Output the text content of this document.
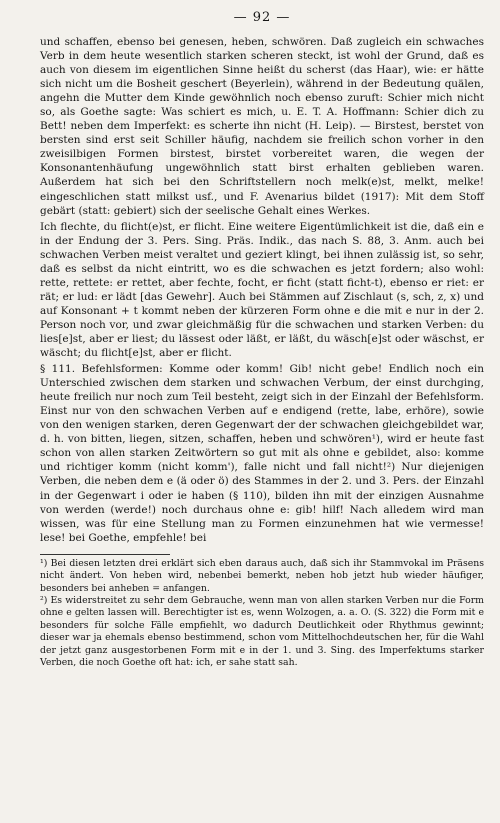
— 92 —

und schaffen, ebenso bei genesen, heben, schwören. Daß zugleich ein schwaches Verb in dem heute wesentlich starken scheren steckt, ist wohl der Grund, daß es auch von diesem im eigentlichen Sinne heißt du scherst (das Haar), wie: er hätte sich nicht um die Bosheit geschert (Beyerlein), während in der Bedeutung quälen, angehn die Mutter dem Kinde gewöhnlich noch ebenso zuruft: Schier mich nicht so, als Goethe sagte: Was schiert es mich, u. E. T. A. Hoffmann: Schier dich zu Bett! neben dem Imperfekt: es scherte ihn nicht (H. Leip). — Birstest, berstet von bersten sind erst seit Schiller häufig, nachdem sie freilich schon vorher in den zweisilbigen Formen birstest, birstet vorbereitet waren, die wegen der Konsonantenhäufung ungewöhnlich statt birst erhalten geblieben waren. Außerdem hat sich bei den Schriftstellern noch melk(e)st, melkt, melke! eingeschlichen statt milkst usf., und F. Avenarius bildet (1917): Mit dem Stoff gebärt (statt: gebiert) sich der seelische Gehalt eines Werkes.

Ich flechte, du flicht(e)st, er flicht. Eine weitere Eigentümlichkeit ist die, daß ein e in der Endung der 3. Pers. Sing. Präs. Indik., das nach S. 88, 3. Anm. auch bei schwachen Verben meist veraltet und geziert klingt, bei ihnen zulässig ist, so sehr, daß es selbst da nicht eintritt, wo es die schwachen es jetzt fordern; also wohl: rette, rettete: er rettet, aber fechte, focht, er ficht (statt ficht-t), ebenso er riet: er rät; er lud: er lädt [das Gewehr]. Auch bei Stämmen auf Zischlaut (s, sch, z, x) und auf Konsonant + t kommt neben der kürzeren Form ohne e die mit e nur in der 2. Person noch vor, und zwar gleichmäßig für die schwachen und starken Verben: du lies[e]st, aber er liest; du lässest oder läßt, er läßt, du wäsch[e]st oder wäschst, er wäscht; du flicht[e]st, aber er flicht.

§ 111. Befehlsformen: Komme oder komm! Gib! nicht gebe! Endlich noch ein Unterschied zwischen dem starken und schwachen Verbum, der einst durchging, heute freilich nur noch zum Teil besteht, zeigt sich in der Einzahl der Befehlsform. Einst nur von den schwachen Verben auf e endigend (rette, labe, erhöre), sowie von den wenigen starken, deren Gegenwart der der schwachen gleichgebildet war, d. h. von bitten, liegen, sitzen, schaffen, heben und schwören¹), wird er heute fast schon von allen starken Zeitwörtern so gut mit als ohne e gebildet, also: komme und richtiger komm (nicht komm'), falle nicht und fall nicht!²) Nur diejenigen Verben, die neben dem e (ä oder ö) des Stammes in der 2. und 3. Pers. der Einzahl in der Gegenwart i oder ie haben (§ 110), bilden ihn mit der einzigen Ausnahme von werden (werde!) noch durchaus ohne e: gib! hilf! Nach alledem wird man wissen, was für eine Stellung man zu Formen einzunehmen hat wie vermesse! lese! bei Goethe, empfehle! bei

¹) Bei diesen letzten drei erklärt sich eben daraus auch, daß sich ihr Stammvokal im Präsens nicht ändert. Von heben wird, nebenbei bemerkt, neben hob jetzt hub wieder häufiger, besonders bei anheben = anfangen.

²) Es widerstreitet zu sehr dem Gebrauche, wenn man von allen starken Verben nur die Form ohne e gelten lassen will. Berechtigter ist es, wenn Wolzogen, a. a. O. (S. 322) die Form mit e besonders für solche Fälle empfiehlt, wo dadurch Deutlichkeit oder Rhythmus gewinnt; dieser war ja ehemals ebenso bestimmend, schon vom Mittelhochdeutschen her, für die Wahl der jetzt ganz ausgestorbenen Form mit e in der 1. und 3. Sing. des Imperfektums starker Verben, die noch Goethe oft hat: ich, er sahe statt sah.
